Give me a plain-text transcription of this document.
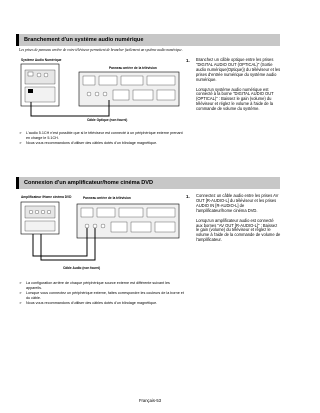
Branchement d'un système audio numérique
Les prises de panneau arrière de votre téléviseur permettent de brancher facilement un système audio numérique.
Système Audio Numérique
Panneau arrière de la télévision
Câble Optique (non fourni)
➢	L'audio 5.1CH n'est possible que si le téléviseur est connecté à un périphérique externe prenant en charge le 5.1CH.
➢	Nous vous recommandons d'utiliser des câbles dotés d'un blindage magnétique.
1.	Branchez un câble optique entre les prises "DIGITAL AUDIO OUT (OPTICAL)" (Sortie audio numérique(Optique)) du téléviseur et les prises d'entrée numérique du système audio numérique.

Lorsqu'un système audio numérique est connecté à la borne "DIGITAL AUDIO OUT (OPTICAL)" : Baissez le gain (volume) du téléviseur et réglez le volume à l'aide de la commande de volume du système.

Connexion d'un amplificateur/home cinéma DVD
Amplificateur /Home cinéma DVD	Panneau arrière de la télévision
Câble Audio (non fourni)
➢	La configuration arrière de chaque périphérique source externe est différente suivant les appareils.
➢	Lorsque vous connectez un périphérique externe, faites correspondre les couleurs de la borne et du câble.
➢	Nous vous recommandons d'utiliser des câbles dotés d'un blindage magnétique.
1.	Connectez un câble audio entre les prises AV OUT [R-AUDIO-L] du téléviseur et les prises AUDIO IN [R-AUDIO-L] de l'amplificateur/home cinéma DVD.

Lorsqu'un amplificateur audio est connecté aux bornes "AV OUT [R-AUDIO-L]" : Baissez le gain (volume) du téléviseur et réglez le volume à l'aide de la commande de volume de l'amplificateur.

Français-53
